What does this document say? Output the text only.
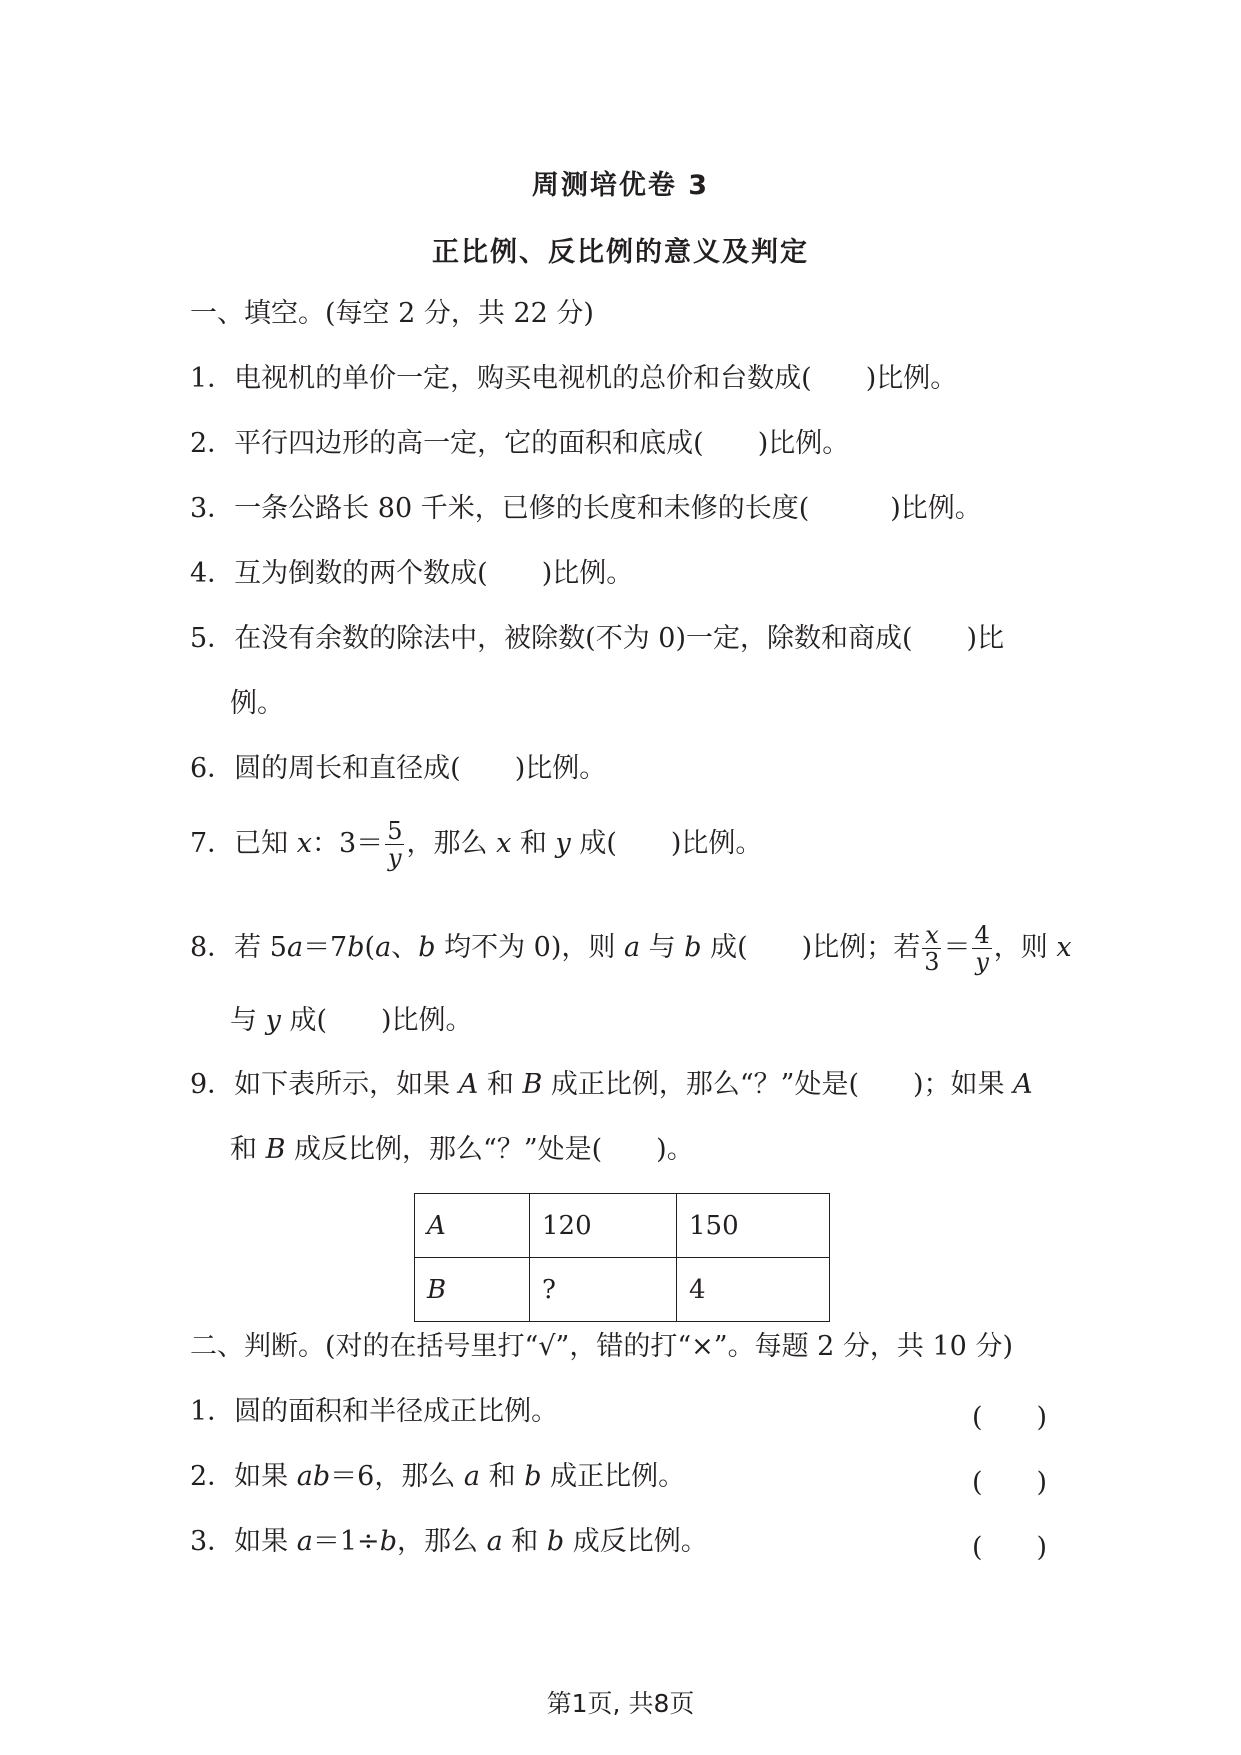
周测培优卷 3
正比例、反比例的意义及判定
一、填空。(每空 2 分，共 22 分)
1．电视机的单价一定，购买电视机的总价和台数成(　　)比例。
2．平行四边形的高一定，它的面积和底成(　　)比例。
3．一条公路长 80 千米，已修的长度和未修的长度(　　　)比例。
4．互为倒数的两个数成(　　)比例。
5．在没有余数的除法中，被除数(不为 0)一定，除数和商成(　　)比
例。
6．圆的周长和直径成(　　)比例。
7．已知 x：$3= \frac{5}{y}$ ，那么 x 和 y 成(　　)比例。
8．若 5a＝7b(a、b 均不为 0)，则 a 与 b 成(　　)比例；若 $\frac{x}{3} = \frac{4}{y}$ ，则 x
与 y 成(　　)比例。
9．如下表所示，如果 A 和 B 成正比例，那么“？”处是(　　)；如果 A
和 B 成反比例，那么“？”处是(　　)。
A	120	150
B	?	4
二、判断。(对的在括号里打“√”，错的打“×”。每题 2 分，共 10 分)
1．圆的面积和半径成正比例。	(　　)
2．如果 ab＝6，那么 a 和 b 成正比例。	(　　)
3．如果 a＝1÷b，那么 a 和 b 成反比例。	(　　)
第1页, 共8页
